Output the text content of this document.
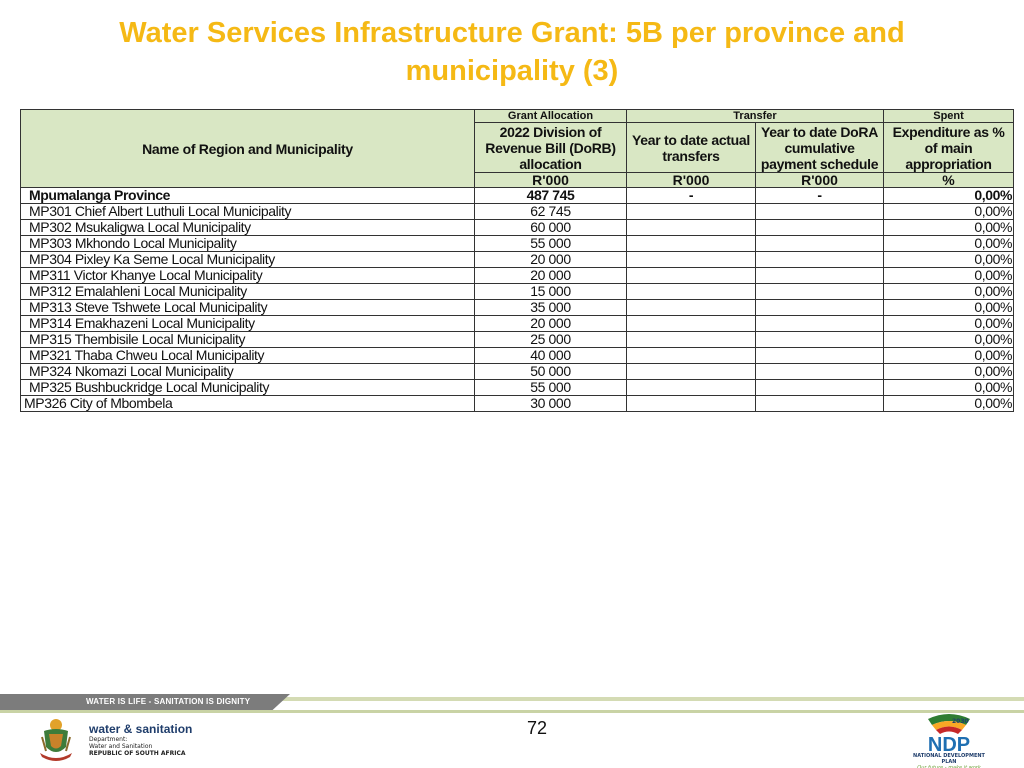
Water Services Infrastructure Grant: 5B per province and
municipality (3)
Name of Region and Municipality	Grant Allocation	Transfer		Spent
	2022 Division of Revenue Bill (DoRB) allocation	Year to date actual transfers	Year to date DoRA cumulative payment schedule	Expenditure as % of main appropriation
	R'000	R'000	R'000	%
Mpumalanga Province	487 745	-	-	0,00%
MP301 Chief Albert Luthuli Local Municipality	62 745			0,00%
MP302 Msukaligwa Local Municipality	60 000			0,00%
MP303 Mkhondo Local Municipality	55 000			0,00%
MP304 Pixley Ka Seme Local Municipality	20 000			0,00%
MP311 Victor Khanye Local Municipality	20 000			0,00%
MP312 Emalahleni Local Municipality	15 000			0,00%
MP313 Steve Tshwete Local Municipality	35 000			0,00%
MP314 Emakhazeni Local Municipality	20 000			0,00%
MP315 Thembisile Local Municipality	25 000			0,00%
MP321 Thaba Chweu Local Municipality	40 000			0,00%
MP324 Nkomazi Local Municipality	50 000			0,00%
MP325 Bushbuckridge Local Municipality	55 000			0,00%
MP326 City of Mbombela	30 000			0,00%
WATER IS LIFE - SANITATION IS DIGNITY
water & sanitation
Department:
Water and Sanitation
REPUBLIC OF SOUTH AFRICA
72	2030
NDP
NATIONAL DEVELOPMENT PLAN
Our future - make it work
